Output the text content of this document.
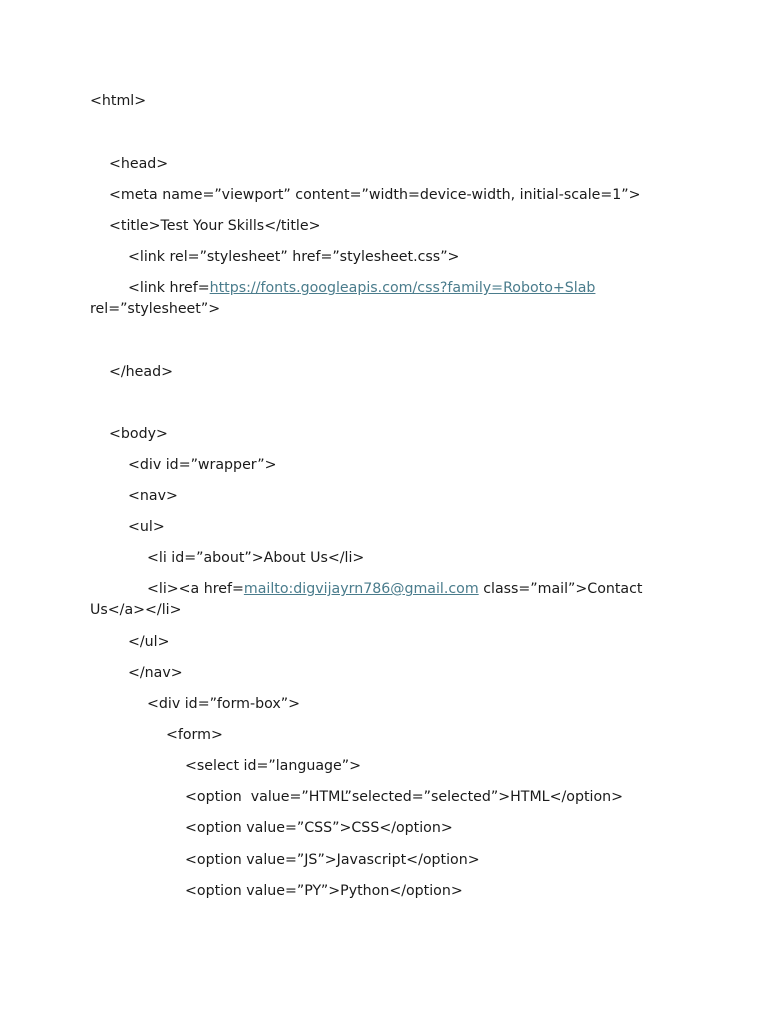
<html>

<head>

<meta name=”viewport” content=”width=device-width, initial-scale=1”>

<title>Test Your Skills</title>

<link rel=”stylesheet” href=”stylesheet.css”>

<link href=https://fonts.googleapis.com/css?family=Roboto+Slab

rel=”stylesheet”>

</head>

<body>

<div id=”wrapper”>

<nav>

<ul>

<li id=”about”>About Us</li>

<li><a href=mailto:digvijayrn786@gmail.com class=”mail”>Contact Us</a></li>

</ul>

</nav>

<div id=”form-box”>

<form>

<select id=”language”>

<option  value=”HTML”selected=”selected”>HTML</option>

<option value=”CSS”>CSS</option>

<option value=”JS”>Javascript</option>

<option value=”PY”>Python</option>
